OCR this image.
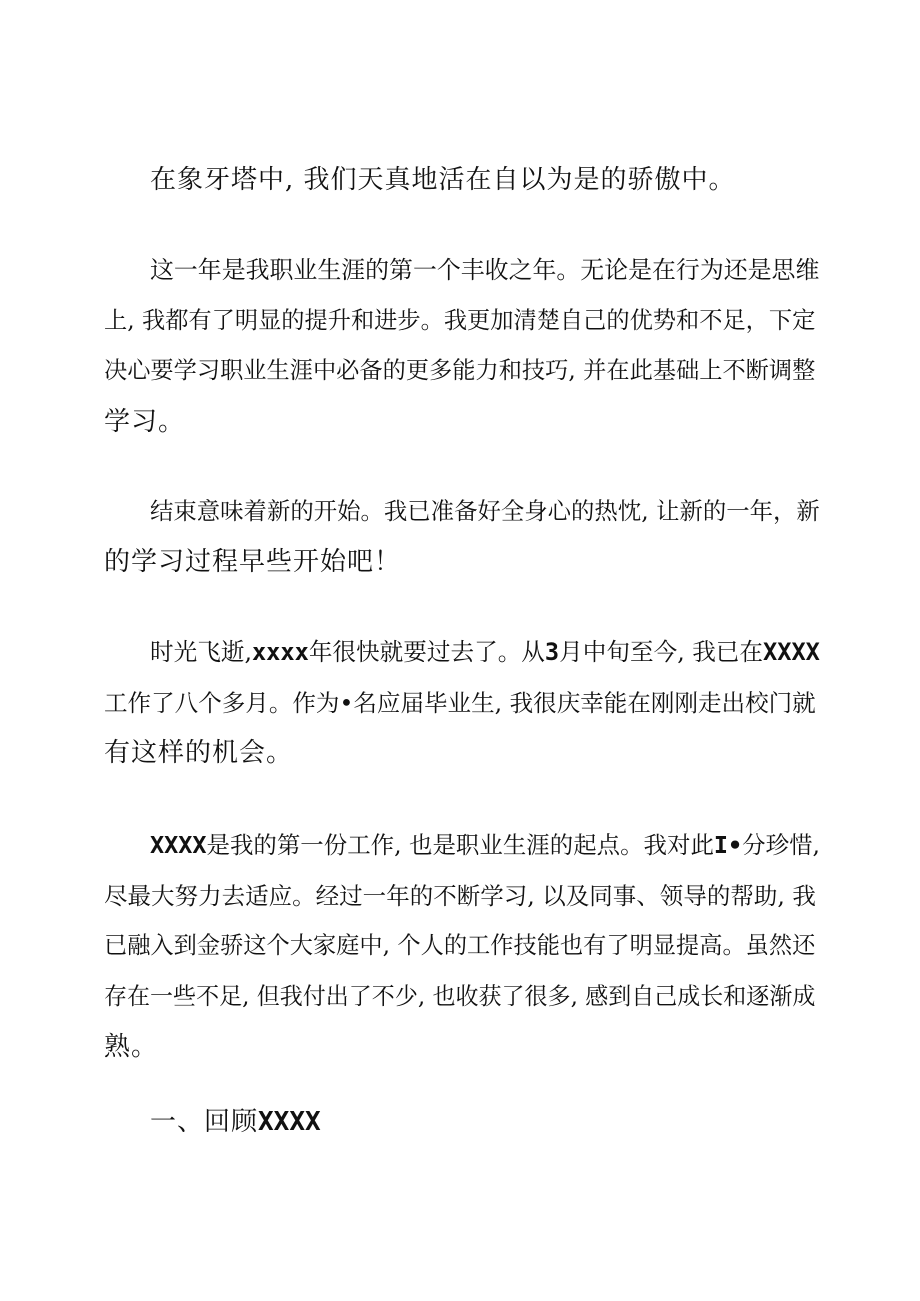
在象牙塔中, 我们天真地活在自以为是的骄傲中。
这一年是我职业生涯的第一个丰收之年。无论是在行为还是思维
上, 我都有了明显的提升和进步。我更加清楚自己的优势和不足，下定
决心要学习职业生涯中必备的更多能力和技巧, 并在此基础上不断调整
学习。
结束意味着新的开始。我已准备好全身心的热忱, 让新的一年，新
的学习过程早些开始吧！
时光飞逝,xxxx年很快就要过去了。从3月中旬至今, 我已在XXXX
工作了八个多月。作为•名应届毕业生, 我很庆幸能在刚刚走出校门就
有这样的机会。
XXXX是我的第一份工作, 也是职业生涯的起点。我对此I•分珍惜,
尽最大努力去适应。经过一年的不断学习, 以及同事、领导的帮助, 我
已融入到金骄这个大家庭中, 个人的工作技能也有了明显提高。虽然还
存在一些不足, 但我付出了不少, 也收获了很多, 感到自己成长和逐渐成
熟。
一、回顾XXXX
